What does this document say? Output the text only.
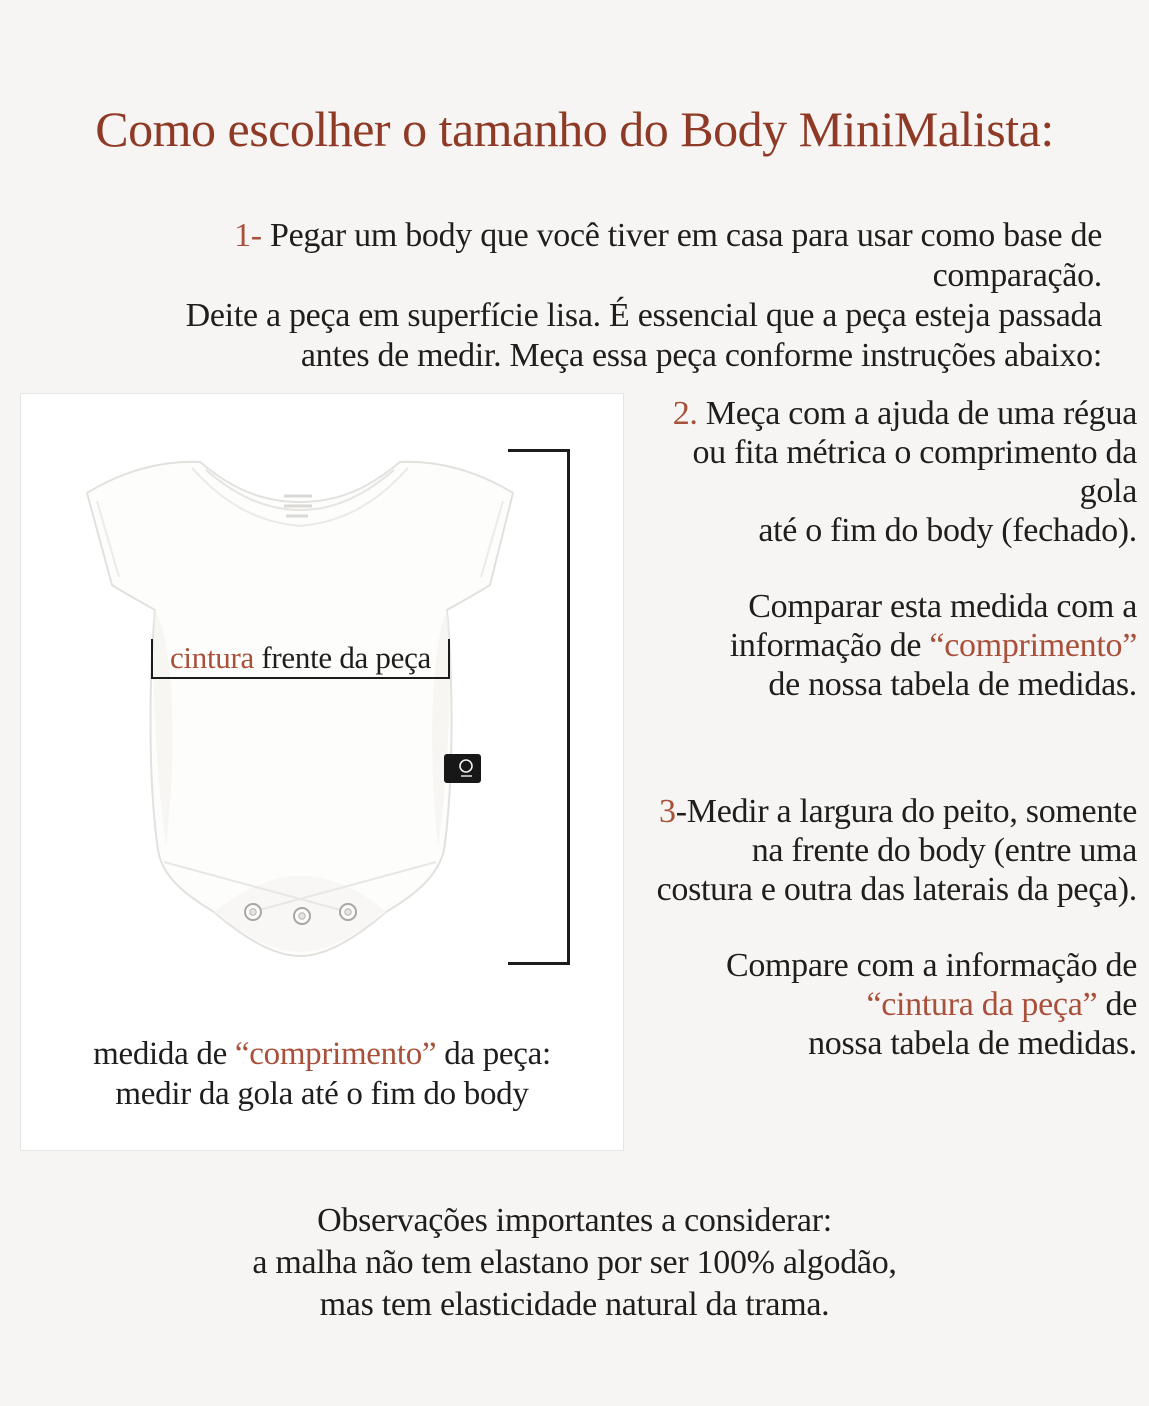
Como escolher o tamanho do Body MiniMalista:
1- Pegar um body que você tiver em casa para usar como base de comparação.
Deite a peça em superfície lisa. É essencial que a peça esteja passada
antes de medir. Meça essa peça conforme instruções abaixo:
cintura frente da peça
medida de “comprimento” da peça:
medir da gola até o fim do body
2. Meça com a ajuda de uma régua
ou fita métrica o comprimento da gola
até o fim do body (fechado).
Comparar esta medida com a
informação de “comprimento”
de nossa tabela de medidas.
3-Medir a largura do peito, somente
na frente do body (entre uma
costura e outra das laterais da peça).
Compare com a informação de
“cintura da peça” de
nossa tabela de medidas.
Observações importantes a considerar:
a malha não tem elastano por ser 100% algodão,
mas tem elasticidade natural da trama.
